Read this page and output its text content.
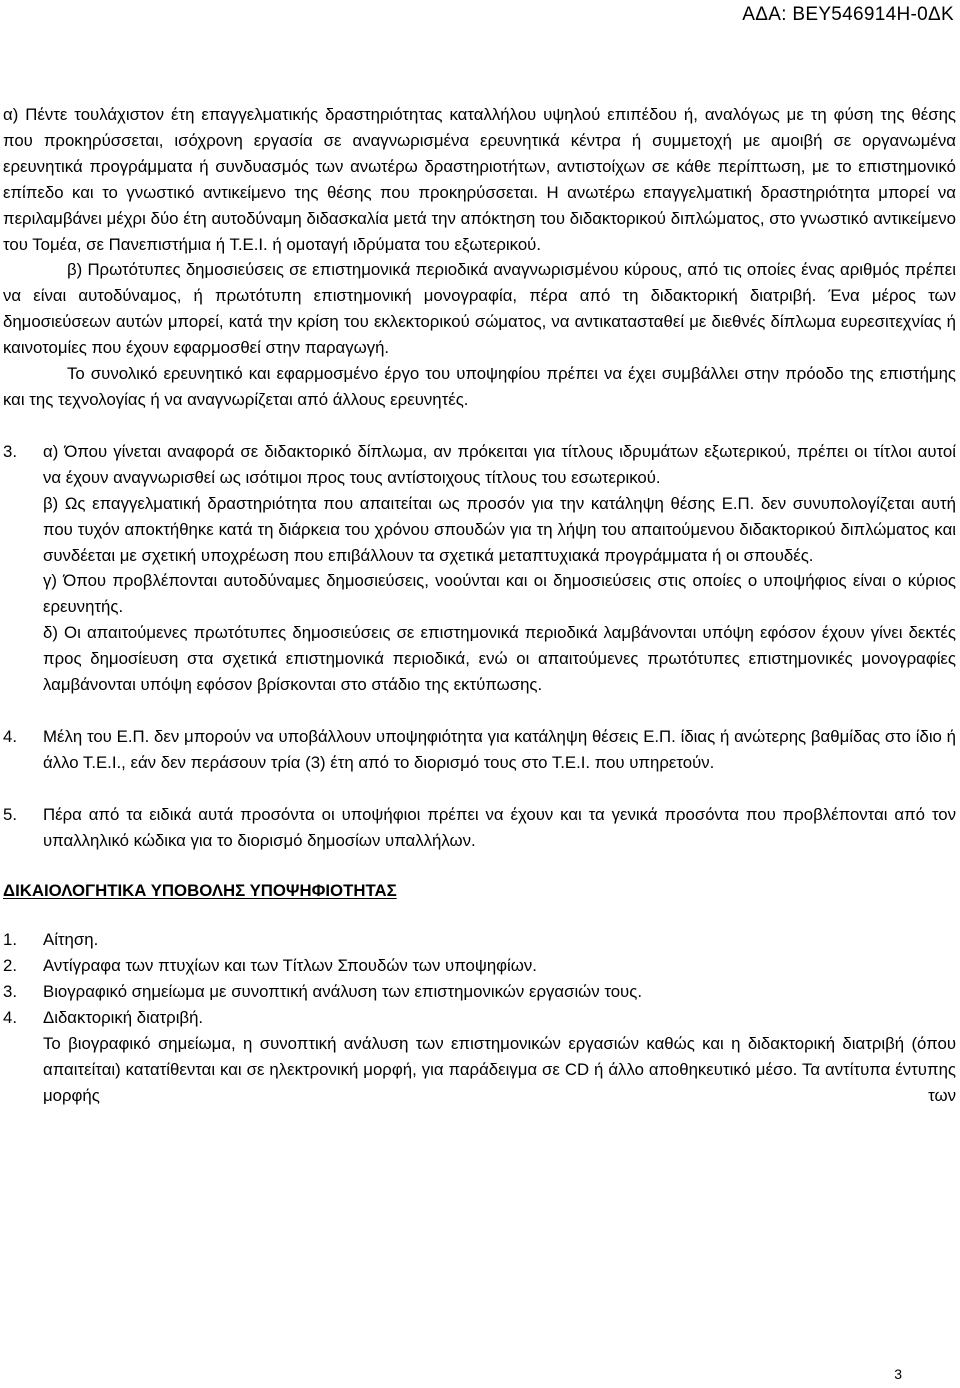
ΑΔΑ: ΒΕΥ546914Η-0ΔΚ

α) Πέντε τουλάχιστον έτη επαγγελματικής δραστηριότητας καταλλήλου υψηλού επιπέδου ή, αναλόγως με τη φύση της θέσης που προκηρύσσεται, ισόχρονη εργασία σε αναγνωρισμένα ερευνητικά κέντρα ή συμμετοχή με αμοιβή σε οργανωμένα ερευνητικά προγράμματα ή συνδυασμός των ανωτέρω δραστηριοτήτων, αντιστοίχων σε κάθε περίπτωση, με το επιστημονικό επίπεδο και το γνωστικό αντικείμενο της θέσης που προκηρύσσεται. Η ανωτέρω επαγγελματική δραστηριότητα μπορεί να περιλαμβάνει μέχρι δύο έτη αυτοδύναμη διδασκαλία μετά την απόκτηση του διδακτορικού διπλώματος, στο γνωστικό αντικείμενο του Τομέα, σε Πανεπιστήμια ή Τ.Ε.Ι. ή ομοταγή ιδρύματα του εξωτερικού.

β) Πρωτότυπες δημοσιεύσεις σε επιστημονικά περιοδικά αναγνωρισμένου κύρους, από τις οποίες ένας αριθμός πρέπει να είναι αυτοδύναμος, ή πρωτότυπη επιστημονική μονογραφία, πέρα από τη διδακτορική διατριβή. Ένα μέρος των δημοσιεύσεων αυτών μπορεί, κατά την κρίση του εκλεκτορικού σώματος, να αντικατασταθεί με διεθνές δίπλωμα ευρεσιτεχνίας ή καινοτομίες που έχουν εφαρμοσθεί στην παραγωγή.

Το συνολικό ερευνητικό και εφαρμοσμένο έργο του υποψηφίου πρέπει να έχει συμβάλλει στην πρόοδο της επιστήμης και της τεχνολογίας ή να αναγνωρίζεται από άλλους ερευνητές.

3.	α) Όπου γίνεται αναφορά σε διδακτορικό δίπλωμα, αν πρόκειται για τίτλους ιδρυμάτων εξωτερικού, πρέπει οι τίτλοι αυτοί να έχουν αναγνωρισθεί ως ισότιμοι προς τους αντίστοιχους τίτλους του εσωτερικού.

β) Ως επαγγελματική δραστηριότητα που απαιτείται ως προσόν για την κατάληψη θέσης Ε.Π. δεν συνυπολογίζεται αυτή που τυχόν αποκτήθηκε κατά τη διάρκεια του χρόνου σπουδών για τη λήψη του απαιτούμενου διδακτορικού διπλώματος και συνδέεται με σχετική υποχρέωση που επιβάλλουν τα σχετικά μεταπτυχιακά προγράμματα ή οι σπουδές.

γ) Όπου προβλέπονται αυτοδύναμες δημοσιεύσεις, νοούνται και οι δημοσιεύσεις στις οποίες ο υποψήφιος είναι ο κύριος ερευνητής.

δ) Οι απαιτούμενες πρωτότυπες δημοσιεύσεις σε επιστημονικά περιοδικά λαμβάνονται υπόψη εφόσον έχουν γίνει δεκτές προς δημοσίευση στα σχετικά επιστημονικά περιοδικά, ενώ οι απαιτούμενες πρωτότυπες επιστημονικές μονογραφίες λαμβάνονται υπόψη εφόσον βρίσκονται στο στάδιο της εκτύπωσης.

4.	Μέλη του Ε.Π. δεν μπορούν να υποβάλλουν υποψηφιότητα για κατάληψη θέσεις Ε.Π. ίδιας ή ανώτερης βαθμίδας στο ίδιο ή άλλο Τ.Ε.Ι., εάν δεν περάσουν τρία (3) έτη από το διορισμό τους στο Τ.Ε.Ι. που υπηρετούν.
5.	Πέρα από τα ειδικά αυτά προσόντα οι υποψήφιοι πρέπει να έχουν και τα γενικά προσόντα που προβλέπονται από τον υπαλληλικό κώδικα για το διορισμό δημοσίων υπαλλήλων.
ΔΙΚΑΙΟΛΟΓΗΤΙΚΑ ΥΠΟΒΟΛΗΣ ΥΠΟΨΗΦΙΟΤΗΤΑΣ
1.	Αίτηση.
2.	Αντίγραφα των πτυχίων και των Τίτλων Σπουδών των υποψηφίων.
3.	Βιογραφικό σημείωμα με συνοπτική ανάλυση των επιστημονικών εργασιών τους.
4.	Διδακτορική διατριβή.

Το βιογραφικό σημείωμα, η συνοπτική ανάλυση των επιστημονικών εργασιών καθώς και η διδακτορική διατριβή (όπου απαιτείται) κατατίθενται και σε ηλεκτρονική μορφή, για παράδειγμα σε CD ή άλλο αποθηκευτικό μέσο. Τα αντίτυπα έντυπης μορφής των

3
